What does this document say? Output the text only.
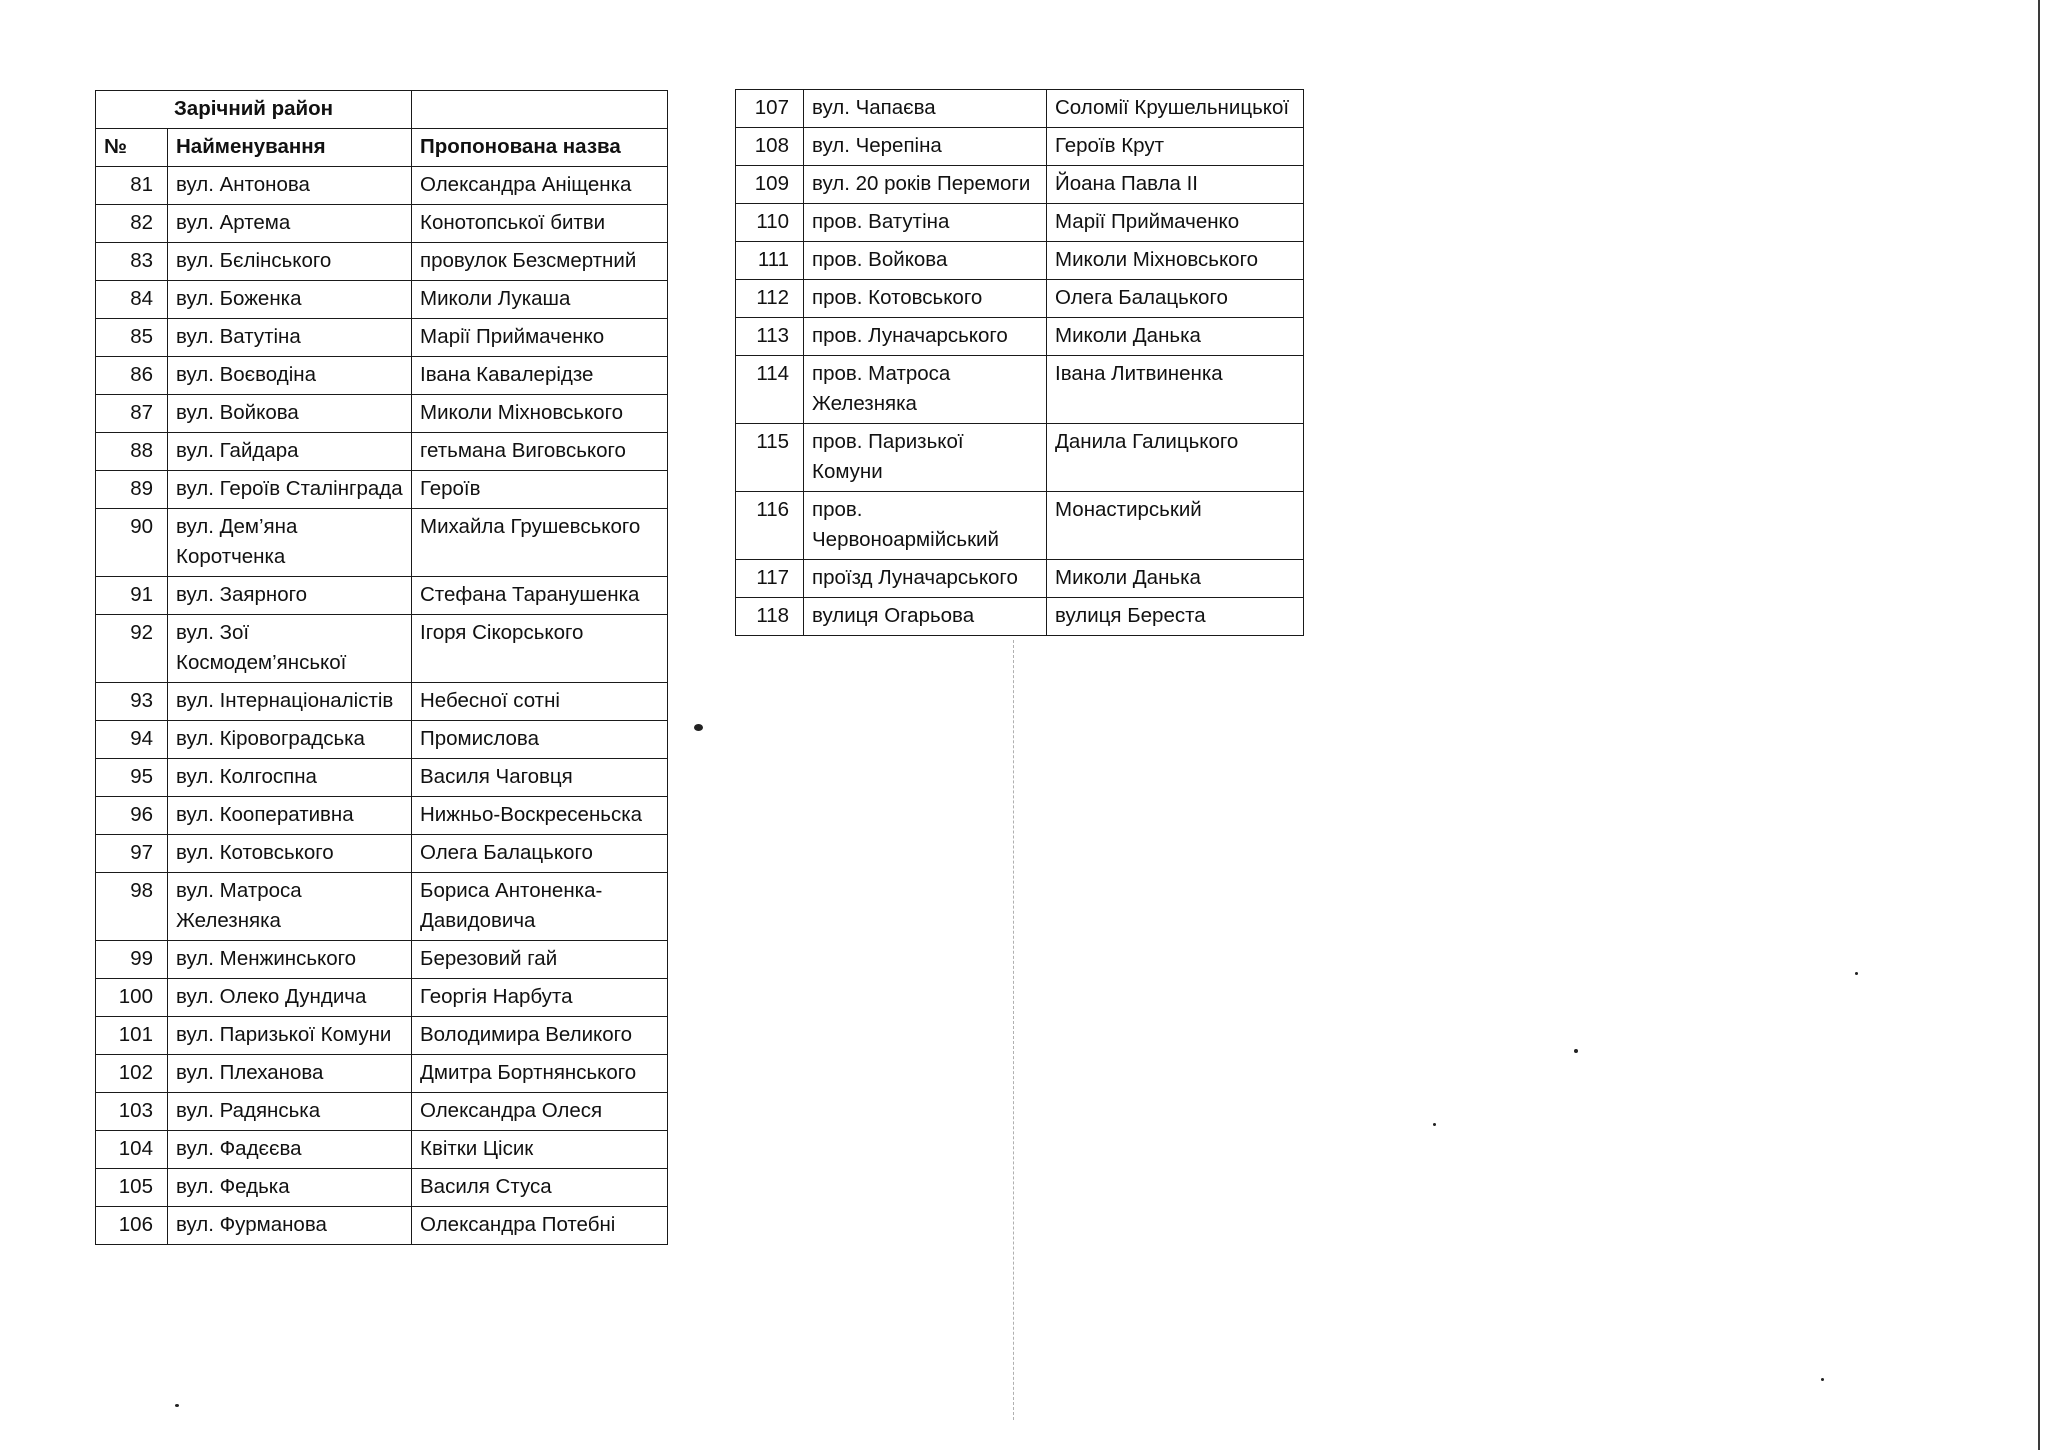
Зарічний район		
№	Найменування	Пропонована назва
81	вул. Антонова	Олександра Аніщенка
82	вул. Артема	Конотопської битви
83	вул. Бєлінського	провулок Безсмертний
84	вул. Боженка	Миколи Лукаша
85	вул. Ватутіна	Марії Приймаченко
86	вул. Воєводіна	Івана Кавалерідзе
87	вул. Войкова	Миколи Міхновського
88	вул. Гайдара	гетьмана Виговського
89	вул. Героїв Сталінграда	Героїв
90	вул. Дем’яна Коротченка	Михайла Грушевського
91	вул. Заярного	Стефана Таранушенка
92	вул. Зої Космодем’янської	Ігоря Сікорського
93	вул. Інтернаціоналістів	Небесної сотні
94	вул. Кіровоградська	Промислова
95	вул. Колгоспна	Василя Чаговця
96	вул. Кооперативна	Нижньо-Воскресеньска
97	вул. Котовського	Олега Балацького
98	вул. Матроса Железняка	Бориса Антоненка-Давидовича
99	вул. Менжинського	Березовий гай
100	вул. Олеко Дундича	Георгія Нарбута
101	вул. Паризької Комуни	Володимира Великого
102	вул. Плеханова	Дмитра Бортнянського
103	вул. Радянська	Олександра Олеся
104	вул. Фадєєва	Квітки Цісик
105	вул. Федька	Василя Стуса
106	вул. Фурманова	Олександра Потебні
107	вул. Чапаєва	Соломії Крушельницької
108	вул. Черепіна	Героїв Крут
109	вул. 20 років Перемоги	Йоана Павла II
110	пров. Ватутіна	Марії Приймаченко
111	пров. Войкова	Миколи Міхновського
112	пров. Котовського	Олега Балацького
113	пров. Луначарського	Миколи Данька
114	пров. Матроса Железняка	Івана Литвиненка
115	пров. Паризької Комуни	Данила Галицького
116	пров. Червоноармійський	Монастирський
117	проїзд Луначарського	Миколи Данька
118	вулиця Огарьова	вулиця Береста
